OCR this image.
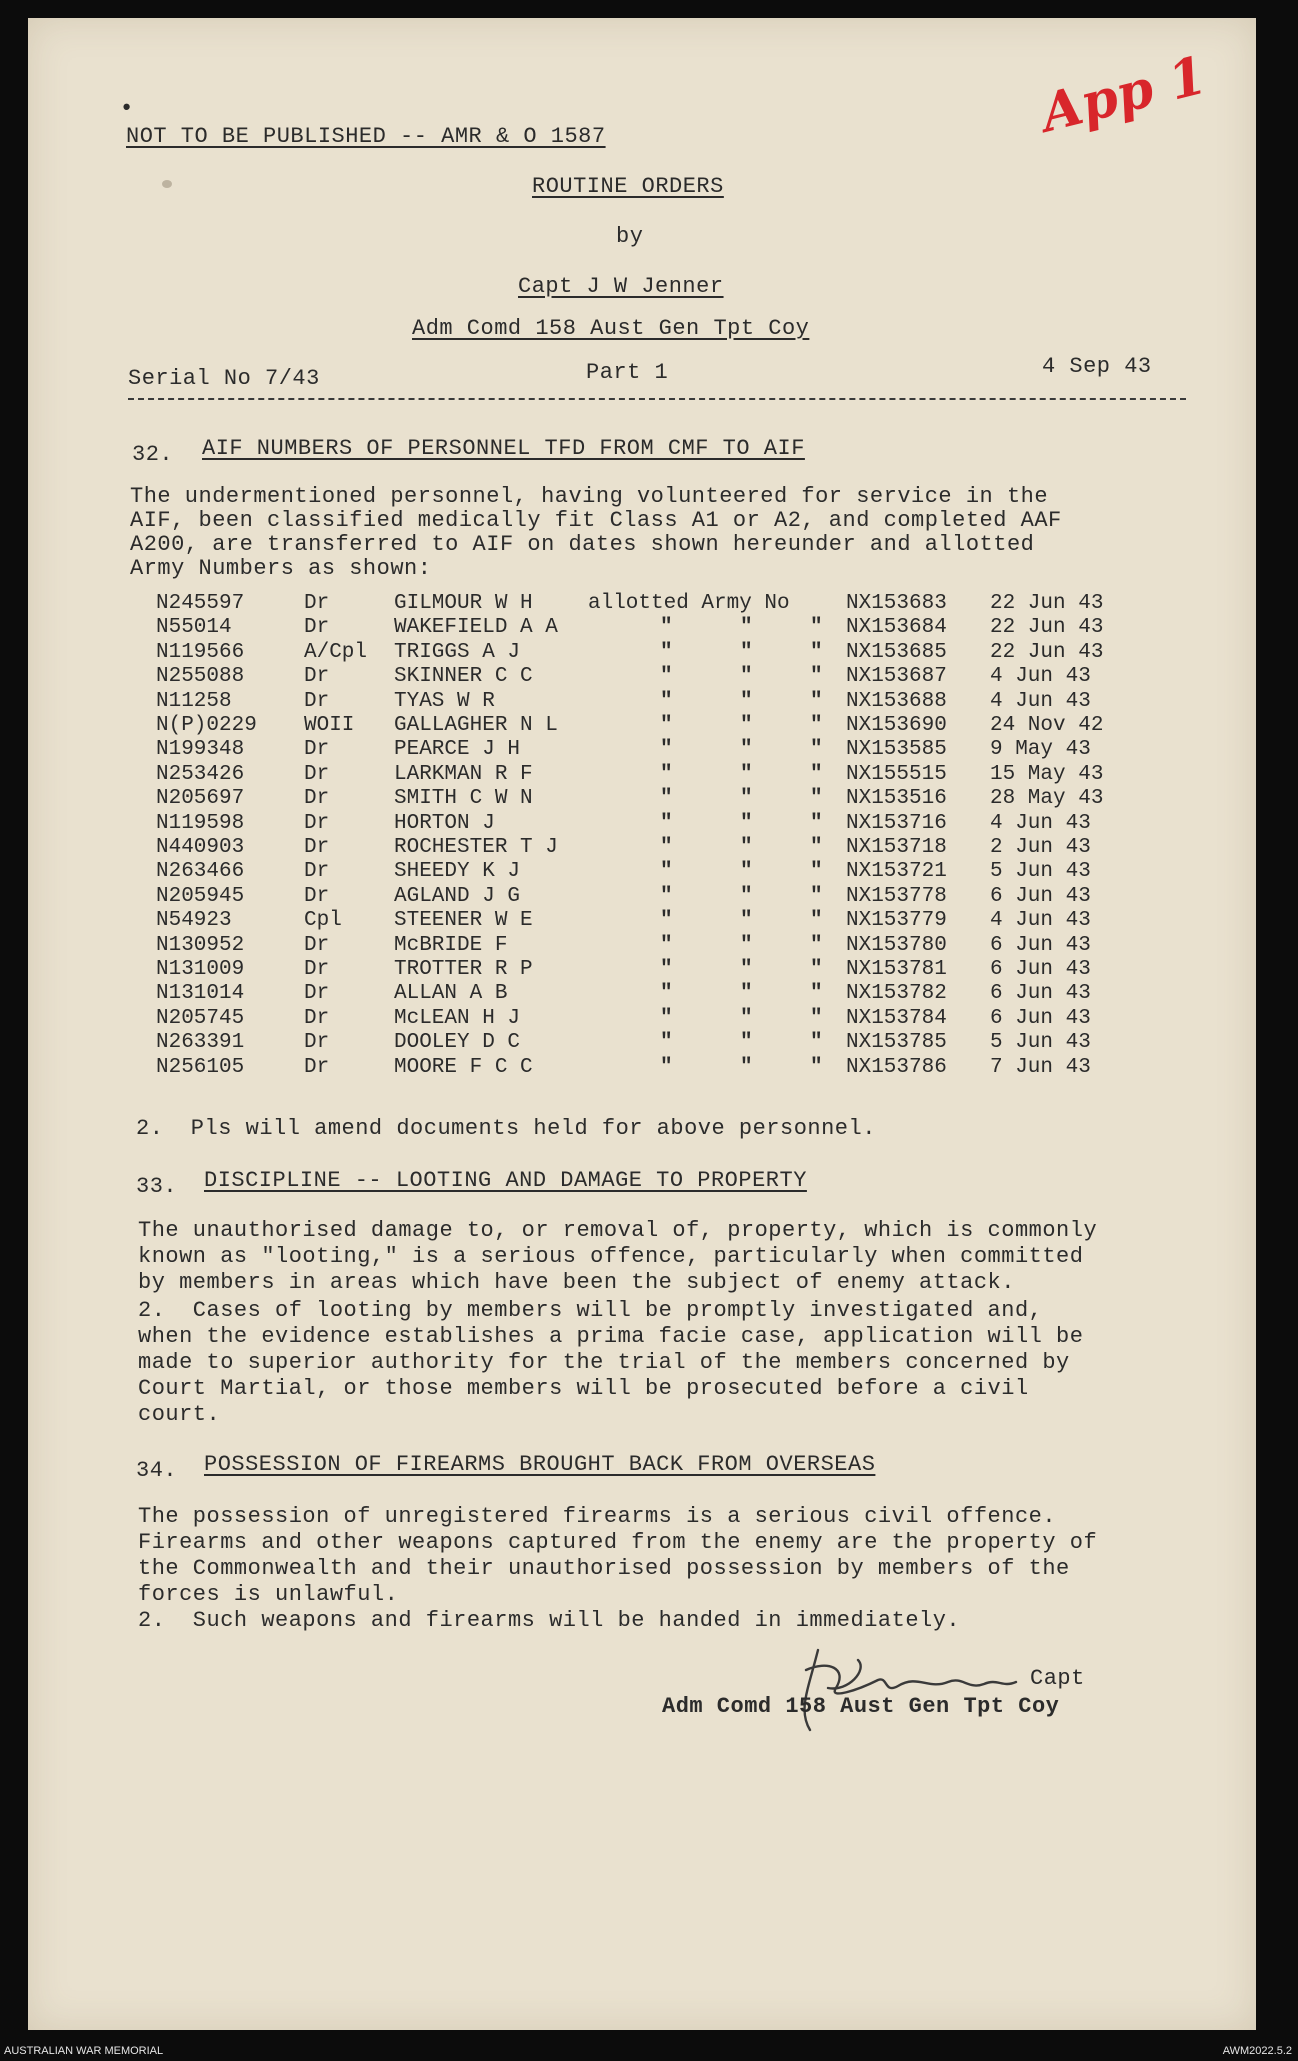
•	App 1
NOT TO BE PUBLISHED -- AMR & O 1587
ROUTINE ORDERS
by
Capt J W Jenner
Adm Comd 158 Aust Gen Tpt Coy
Serial No 7/43	Part 1	4 Sep 43
32. AIF NUMBERS OF PERSONNEL TFD FROM CMF TO AIF
The undermentioned personnel, having volunteered for service in the
AIF, been classified medically fit Class A1 or A2, and completed AAF
A200, are transferred to AIF on dates shown hereunder and allotted
Army Numbers as shown:
N245597	Dr	GILMOUR W H	allotted Army No	NX153683 22 Jun 43
N55014	Dr	WAKEFIELD A A	"	"	" NX153684 22 Jun 43
N119566	A/Cpl TRIGGS A J	"	"	" NX153685 22 Jun 43
N255088	Dr	SKINNER C C	"	"	" NX153687 4 Jun 43
N11258	Dr	TYAS W R	"	"	" NX153688 4 Jun 43
N(P)0229 WOII GALLAGHER N L	"	"	" NX153690 24 Nov 42
N199348	Dr	PEARCE J H	"	"	" NX153585 9 May 43
N253426	Dr	LARKMAN R F	"	"	" NX155515 15 May 43
N205697	Dr	SMITH C W N	"	"	" NX153516 28 May 43
N119598	Dr	HORTON J	"	"	" NX153716 4 Jun 43
N440903	Dr	ROCHESTER T J	"	"	" NX153718 2 Jun 43
N263466	Dr	SHEEDY K J	"	"	" NX153721 5 Jun 43
N205945	Dr	AGLAND J G	"	"	" NX153778 6 Jun 43
N54923	Cpl STEENER W E	"	"	" NX153779 4 Jun 43
N130952	Dr	McBRIDE F	"	"	" NX153780 6 Jun 43
N131009	Dr	TROTTER R P	"	"	" NX153781 6 Jun 43
N131014	Dr	ALLAN A B	"	"	" NX153782 6 Jun 43
N205745	Dr	McLEAN H J	"	"	" NX153784 6 Jun 43
N263391	Dr	DOOLEY D C	"	"	" NX153785 5 Jun 43
N256105	Dr	MOORE F C C	"	"	" NX153786 7 Jun 43
2.  Pls will amend documents held for above personnel.
33. DISCIPLINE -- LOOTING AND DAMAGE TO PROPERTY
The unauthorised damage to, or removal of, property, which is commonly
known as "looting," is a serious offence, particularly when committed
by members in areas which have been the subject of enemy attack.
2.  Cases of looting by members will be promptly investigated and,
when the evidence establishes a prima facie case, application will be
made to superior authority for the trial of the members concerned by
Court Martial, or those members will be prosecuted before a civil
court.
34. POSSESSION OF FIREARMS BROUGHT BACK FROM OVERSEAS
The possession of unregistered firearms is a serious civil offence.
Firearms and other weapons captured from the enemy are the property of
the Commonwealth and their unauthorised possession by members of the
forces is unlawful.
2.  Such weapons and firearms will be handed in immediately.
Capt
Adm Comd 158 Aust Gen Tpt Coy
AUSTRALIAN WAR MEMORIAL	AWM2022.5.2
